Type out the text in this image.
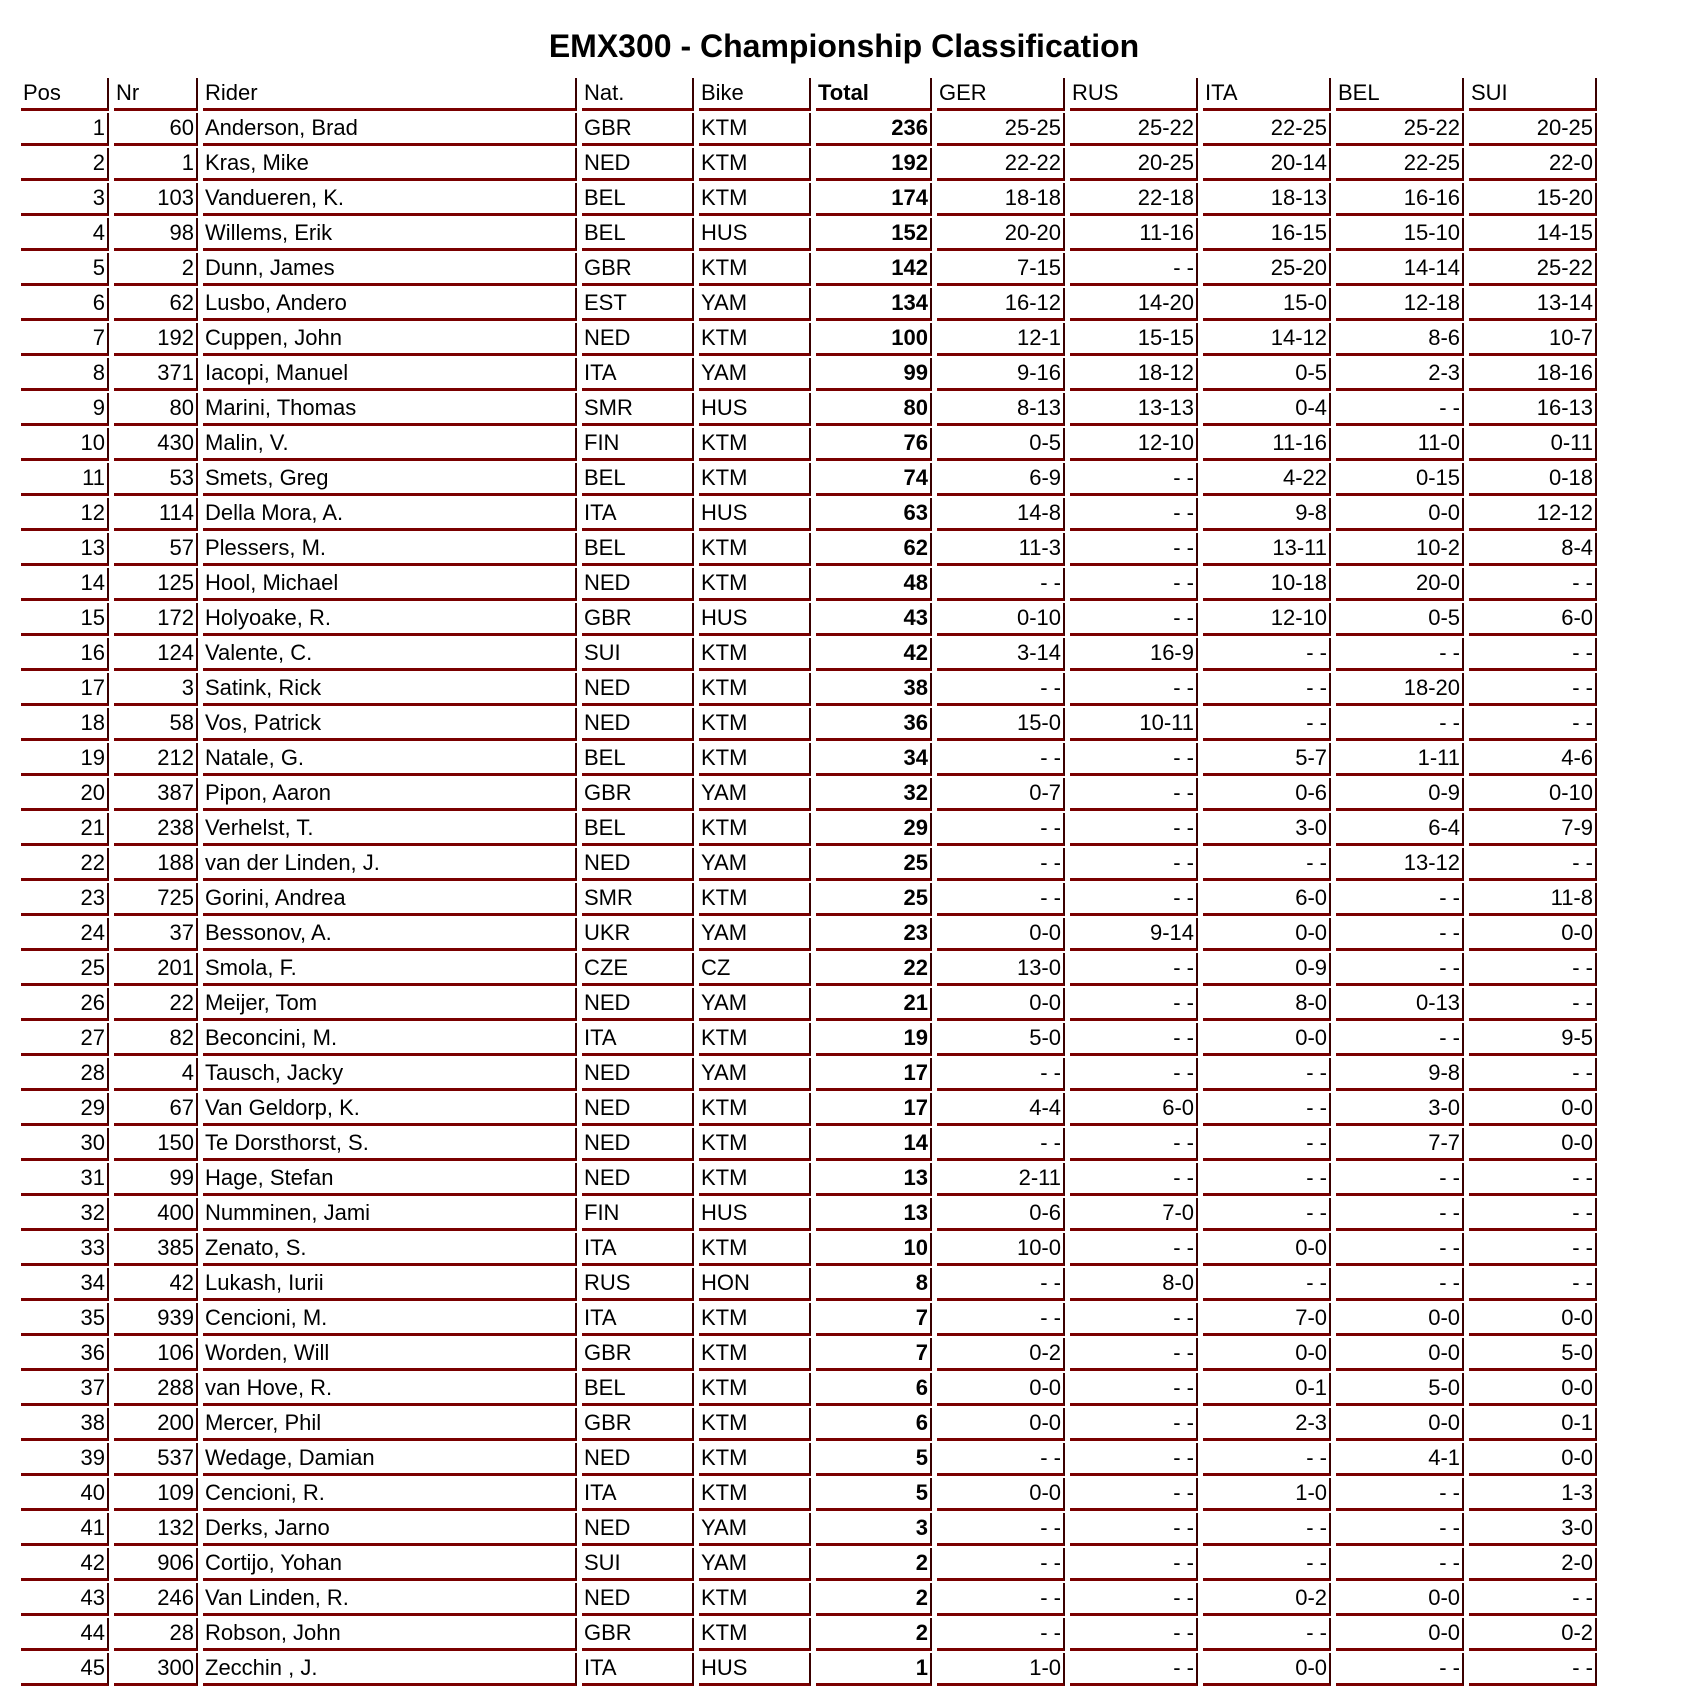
EMX300 - Championship Classification
Pos	Nr	Rider	Nat.	Bike	Total	GER	RUS	ITA	BEL	SUI
1	60	Anderson, Brad	GBR	KTM	236	25-25	25-22	22-25	25-22	20-25
2	1	Kras, Mike	NED	KTM	192	22-22	20-25	20-14	22-25	22-0
3	103	Vandueren, K.	BEL	KTM	174	18-18	22-18	18-13	16-16	15-20
4	98	Willems, Erik	BEL	HUS	152	20-20	11-16	16-15	15-10	14-15
5	2	Dunn, James	GBR	KTM	142	7-15	- -	25-20	14-14	25-22
6	62	Lusbo, Andero	EST	YAM	134	16-12	14-20	15-0	12-18	13-14
7	192	Cuppen, John	NED	KTM	100	12-1	15-15	14-12	8-6	10-7
8	371	Iacopi, Manuel	ITA	YAM	99	9-16	18-12	0-5	2-3	18-16
9	80	Marini, Thomas	SMR	HUS	80	8-13	13-13	0-4	- -	16-13
10	430	Malin, V.	FIN	KTM	76	0-5	12-10	11-16	11-0	0-11
11	53	Smets, Greg	BEL	KTM	74	6-9	- -	4-22	0-15	0-18
12	114	Della Mora, A.	ITA	HUS	63	14-8	- -	9-8	0-0	12-12
13	57	Plessers, M.	BEL	KTM	62	11-3	- -	13-11	10-2	8-4
14	125	Hool, Michael	NED	KTM	48	- -	- -	10-18	20-0	- -
15	172	Holyoake, R.	GBR	HUS	43	0-10	- -	12-10	0-5	6-0
16	124	Valente, C.	SUI	KTM	42	3-14	16-9	- -	- -	- -
17	3	Satink, Rick	NED	KTM	38	- -	- -	- -	18-20	- -
18	58	Vos, Patrick	NED	KTM	36	15-0	10-11	- -	- -	- -
19	212	Natale, G.	BEL	KTM	34	- -	- -	5-7	1-11	4-6
20	387	Pipon, Aaron	GBR	YAM	32	0-7	- -	0-6	0-9	0-10
21	238	Verhelst, T.	BEL	KTM	29	- -	- -	3-0	6-4	7-9
22	188	van der Linden, J.	NED	YAM	25	- -	- -	- -	13-12	- -
23	725	Gorini, Andrea	SMR	KTM	25	- -	- -	6-0	- -	11-8
24	37	Bessonov, A.	UKR	YAM	23	0-0	9-14	0-0	- -	0-0
25	201	Smola, F.	CZE	CZ	22	13-0	- -	0-9	- -	- -
26	22	Meijer, Tom	NED	YAM	21	0-0	- -	8-0	0-13	- -
27	82	Beconcini, M.	ITA	KTM	19	5-0	- -	0-0	- -	9-5
28	4	Tausch, Jacky	NED	YAM	17	- -	- -	- -	9-8	- -
29	67	Van Geldorp, K.	NED	KTM	17	4-4	6-0	- -	3-0	0-0
30	150	Te Dorsthorst, S.	NED	KTM	14	- -	- -	- -	7-7	0-0
31	99	Hage, Stefan	NED	KTM	13	2-11	- -	- -	- -	- -
32	400	Numminen, Jami	FIN	HUS	13	0-6	7-0	- -	- -	- -
33	385	Zenato, S.	ITA	KTM	10	10-0	- -	0-0	- -	- -
34	42	Lukash, Iurii	RUS	HON	8	- -	8-0	- -	- -	- -
35	939	Cencioni, M.	ITA	KTM	7	- -	- -	7-0	0-0	0-0
36	106	Worden, Will	GBR	KTM	7	0-2	- -	0-0	0-0	5-0
37	288	van Hove, R.	BEL	KTM	6	0-0	- -	0-1	5-0	0-0
38	200	Mercer, Phil	GBR	KTM	6	0-0	- -	2-3	0-0	0-1
39	537	Wedage, Damian	NED	KTM	5	- -	- -	- -	4-1	0-0
40	109	Cencioni, R.	ITA	KTM	5	0-0	- -	1-0	- -	1-3
41	132	Derks, Jarno	NED	YAM	3	- -	- -	- -	- -	3-0
42	906	Cortijo, Yohan	SUI	YAM	2	- -	- -	- -	- -	2-0
43	246	Van Linden, R.	NED	KTM	2	- -	- -	0-2	0-0	- -
44	28	Robson, John	GBR	KTM	2	- -	- -	- -	0-0	0-2
45	300	Zecchin , J.	ITA	HUS	1	1-0	- -	0-0	- -	- -
